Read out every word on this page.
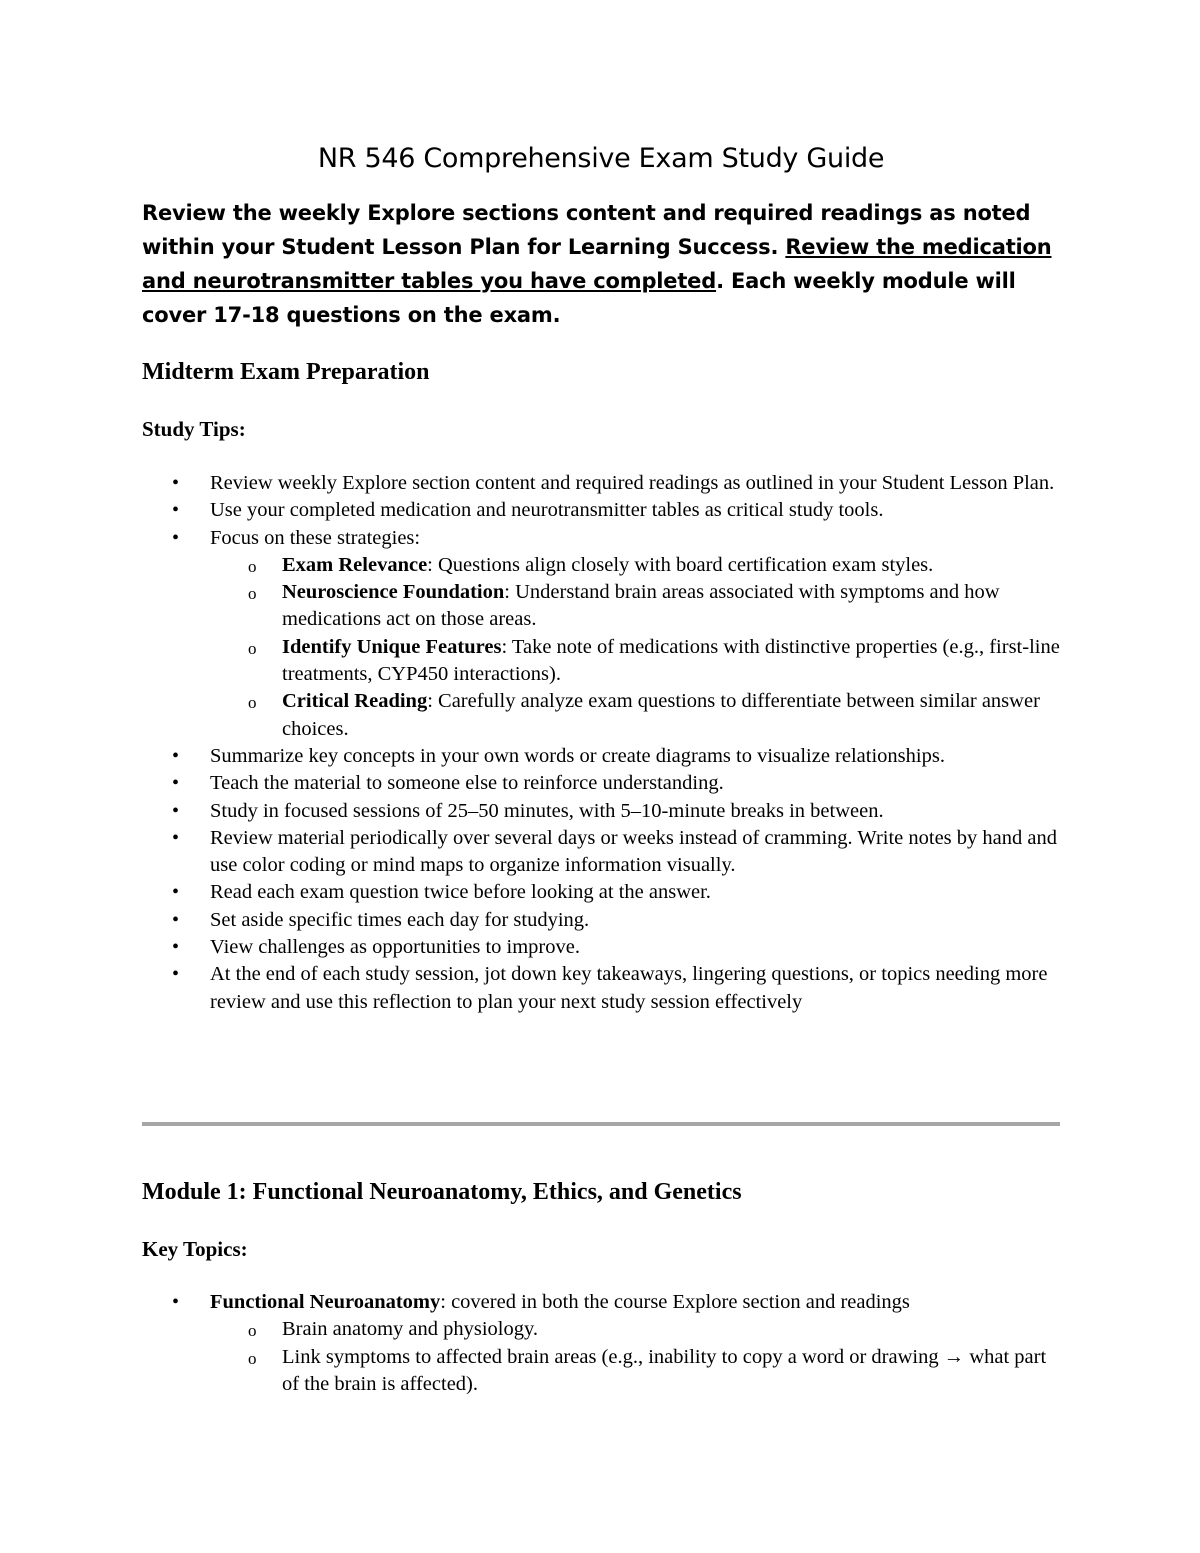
NR 546 Comprehensive Exam Study Guide

Review the weekly Explore sections content and required readings as noted within your Student Lesson Plan for Learning Success. Review the medication and neurotransmitter tables you have completed. Each weekly module will cover 17-18 questions on the exam.

Midterm Exam Preparation
Study Tips:
• Review weekly Explore section content and required readings as outlined in your Student Lesson Plan.
• Use your completed medication and neurotransmitter tables as critical study tools.
• Focus on these strategies:
o Exam Relevance: Questions align closely with board certification exam styles.
o Neuroscience Foundation: Understand brain areas associated with symptoms and how medications act on those areas.
o Identify Unique Features: Take note of medications with distinctive properties (e.g., first-line treatments, CYP450 interactions).
o Critical Reading: Carefully analyze exam questions to differentiate between similar answer choices.
• Summarize key concepts in your own words or create diagrams to visualize relationships.
• Teach the material to someone else to reinforce understanding.
• Study in focused sessions of 25–50 minutes, with 5–10-minute breaks in between.
• Review material periodically over several days or weeks instead of cramming. Write notes by hand and use color coding or mind maps to organize information visually.
• Read each exam question twice before looking at the answer.
• Set aside specific times each day for studying.
• View challenges as opportunities to improve.
• At the end of each study session, jot down key takeaways, lingering questions, or topics needing more review and use this reflection to plan your next study session effectively
Module 1: Functional Neuroanatomy, Ethics, and Genetics
Key Topics:
• Functional Neuroanatomy: covered in both the course Explore section and readings
o Brain anatomy and physiology.
o Link symptoms to affected brain areas (e.g., inability to copy a word or drawing → what part of the brain is affected).
